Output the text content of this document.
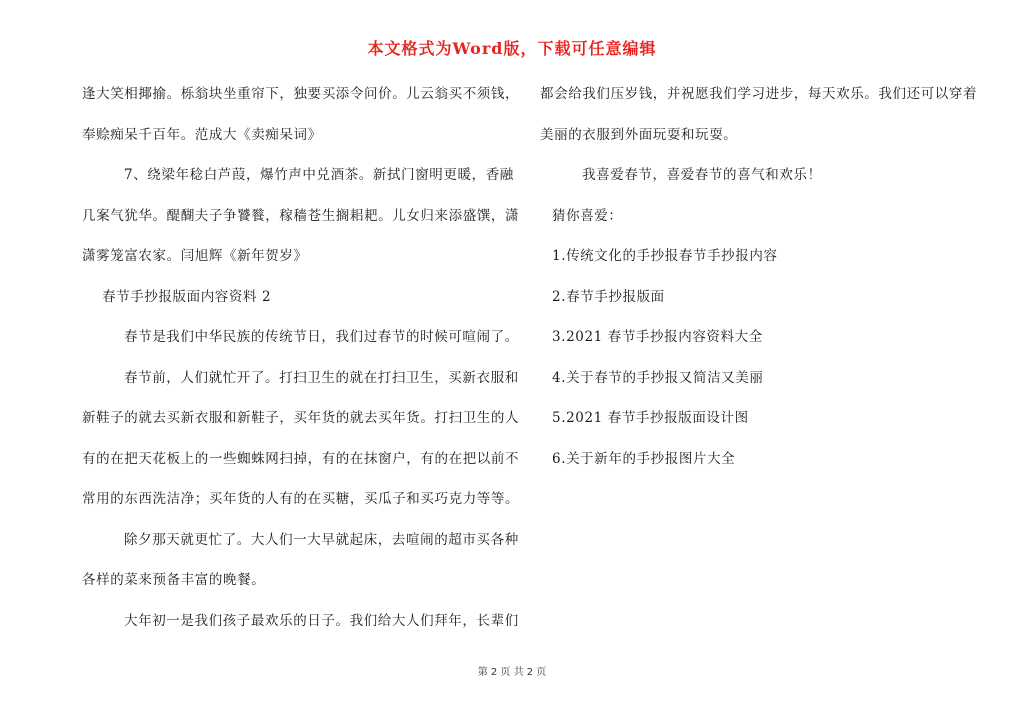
本文格式为Word版，下载可任意编辑
逢大笑相揶揄。栎翁块坐重帘下，独要买添令问价。儿云翁买不须钱，
奉赊痴呆千百年。范成大《卖痴呆词》
7、绕梁年稔白芦葭，爆竹声中兑酒茶。新拭门窗明更暖，香融
几案气犹华。醍醐夫子争饕餮，稼穑苍生搁耜耙。儿女归来添盛馔，潇
潇雾笼富农家。闫旭辉《新年贺岁》
春节手抄报版面内容资料 2
春节是我们中华民族的传统节日，我们过春节的时候可喧闹了。
春节前，人们就忙开了。打扫卫生的就在打扫卫生，买新衣服和
新鞋子的就去买新衣服和新鞋子，买年货的就去买年货。打扫卫生的人
有的在把天花板上的一些蜘蛛网扫掉，有的在抹窗户，有的在把以前不
常用的东西洗洁净；买年货的人有的在买糖，买瓜子和买巧克力等等。
除夕那天就更忙了。大人们一大早就起床，去喧闹的超市买各种
各样的菜来预备丰富的晚餐。
大年初一是我们孩子最欢乐的日子。我们给大人们拜年，长辈们
都会给我们压岁钱，并祝愿我们学习进步，每天欢乐。我们还可以穿着
美丽的衣服到外面玩耍和玩耍。
我喜爱春节，喜爱春节的喜气和欢乐！
猜你喜爱：
1.传统文化的手抄报春节手抄报内容
2.春节手抄报版面
3.2021 春节手抄报内容资料大全
4.关于春节的手抄报又简洁又美丽
5.2021 春节手抄报版面设计图
6.关于新年的手抄报图片大全
第 2 页 共 2 页
